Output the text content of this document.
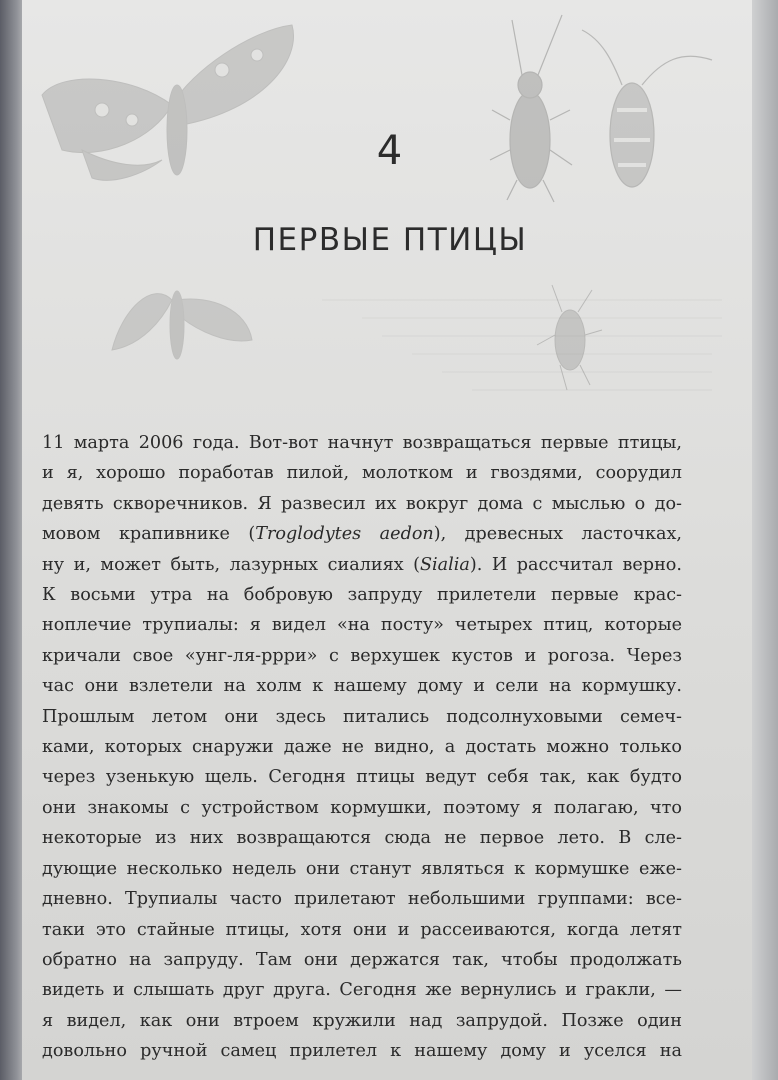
4
ПЕРВЫЕ ПТИЦЫ
11 марта 2006 года. Вот-вот начнут возвращаться первые птицы,
и я, хорошо поработав пилой, молотком и гвоздями, соорудил
девять скворечников. Я развесил их вокруг дома с мыслью о до-
мовом крапивнике (Troglodytes aedon), древесных ласточках,
ну и, может быть, лазурных сиалиях (Sialia). И рассчитал верно.
К восьми утра на бобровую запруду прилетели первые крас-
ноплечие трупиалы: я видел «на посту» четырех птиц, которые
кричали свое «унг-ля-ррри» с верхушек кустов и рогоза. Через
час они взлетели на холм к нашему дому и сели на кормушку.
Прошлым летом они здесь питались подсолнуховыми семеч-
ками, которых снаружи даже не видно, а достать можно только
через узенькую щель. Сегодня птицы ведут себя так, как будто
они знакомы с устройством кормушки, поэтому я полагаю, что
некоторые из них возвращаются сюда не первое лето. В сле-
дующие несколько недель они станут являться к кормушке еже-
дневно. Трупиалы часто прилетают небольшими группами: все-
таки это стайные птицы, хотя они и рассеиваются, когда летят
обратно на запруду. Там они держатся так, чтобы продолжать
видеть и слышать друг друга. Сегодня же вернулись и гракли, —
я видел, как они втроем кружили над запрудой. Позже один
довольно ручной самец прилетел к нашему дому и уселся на
